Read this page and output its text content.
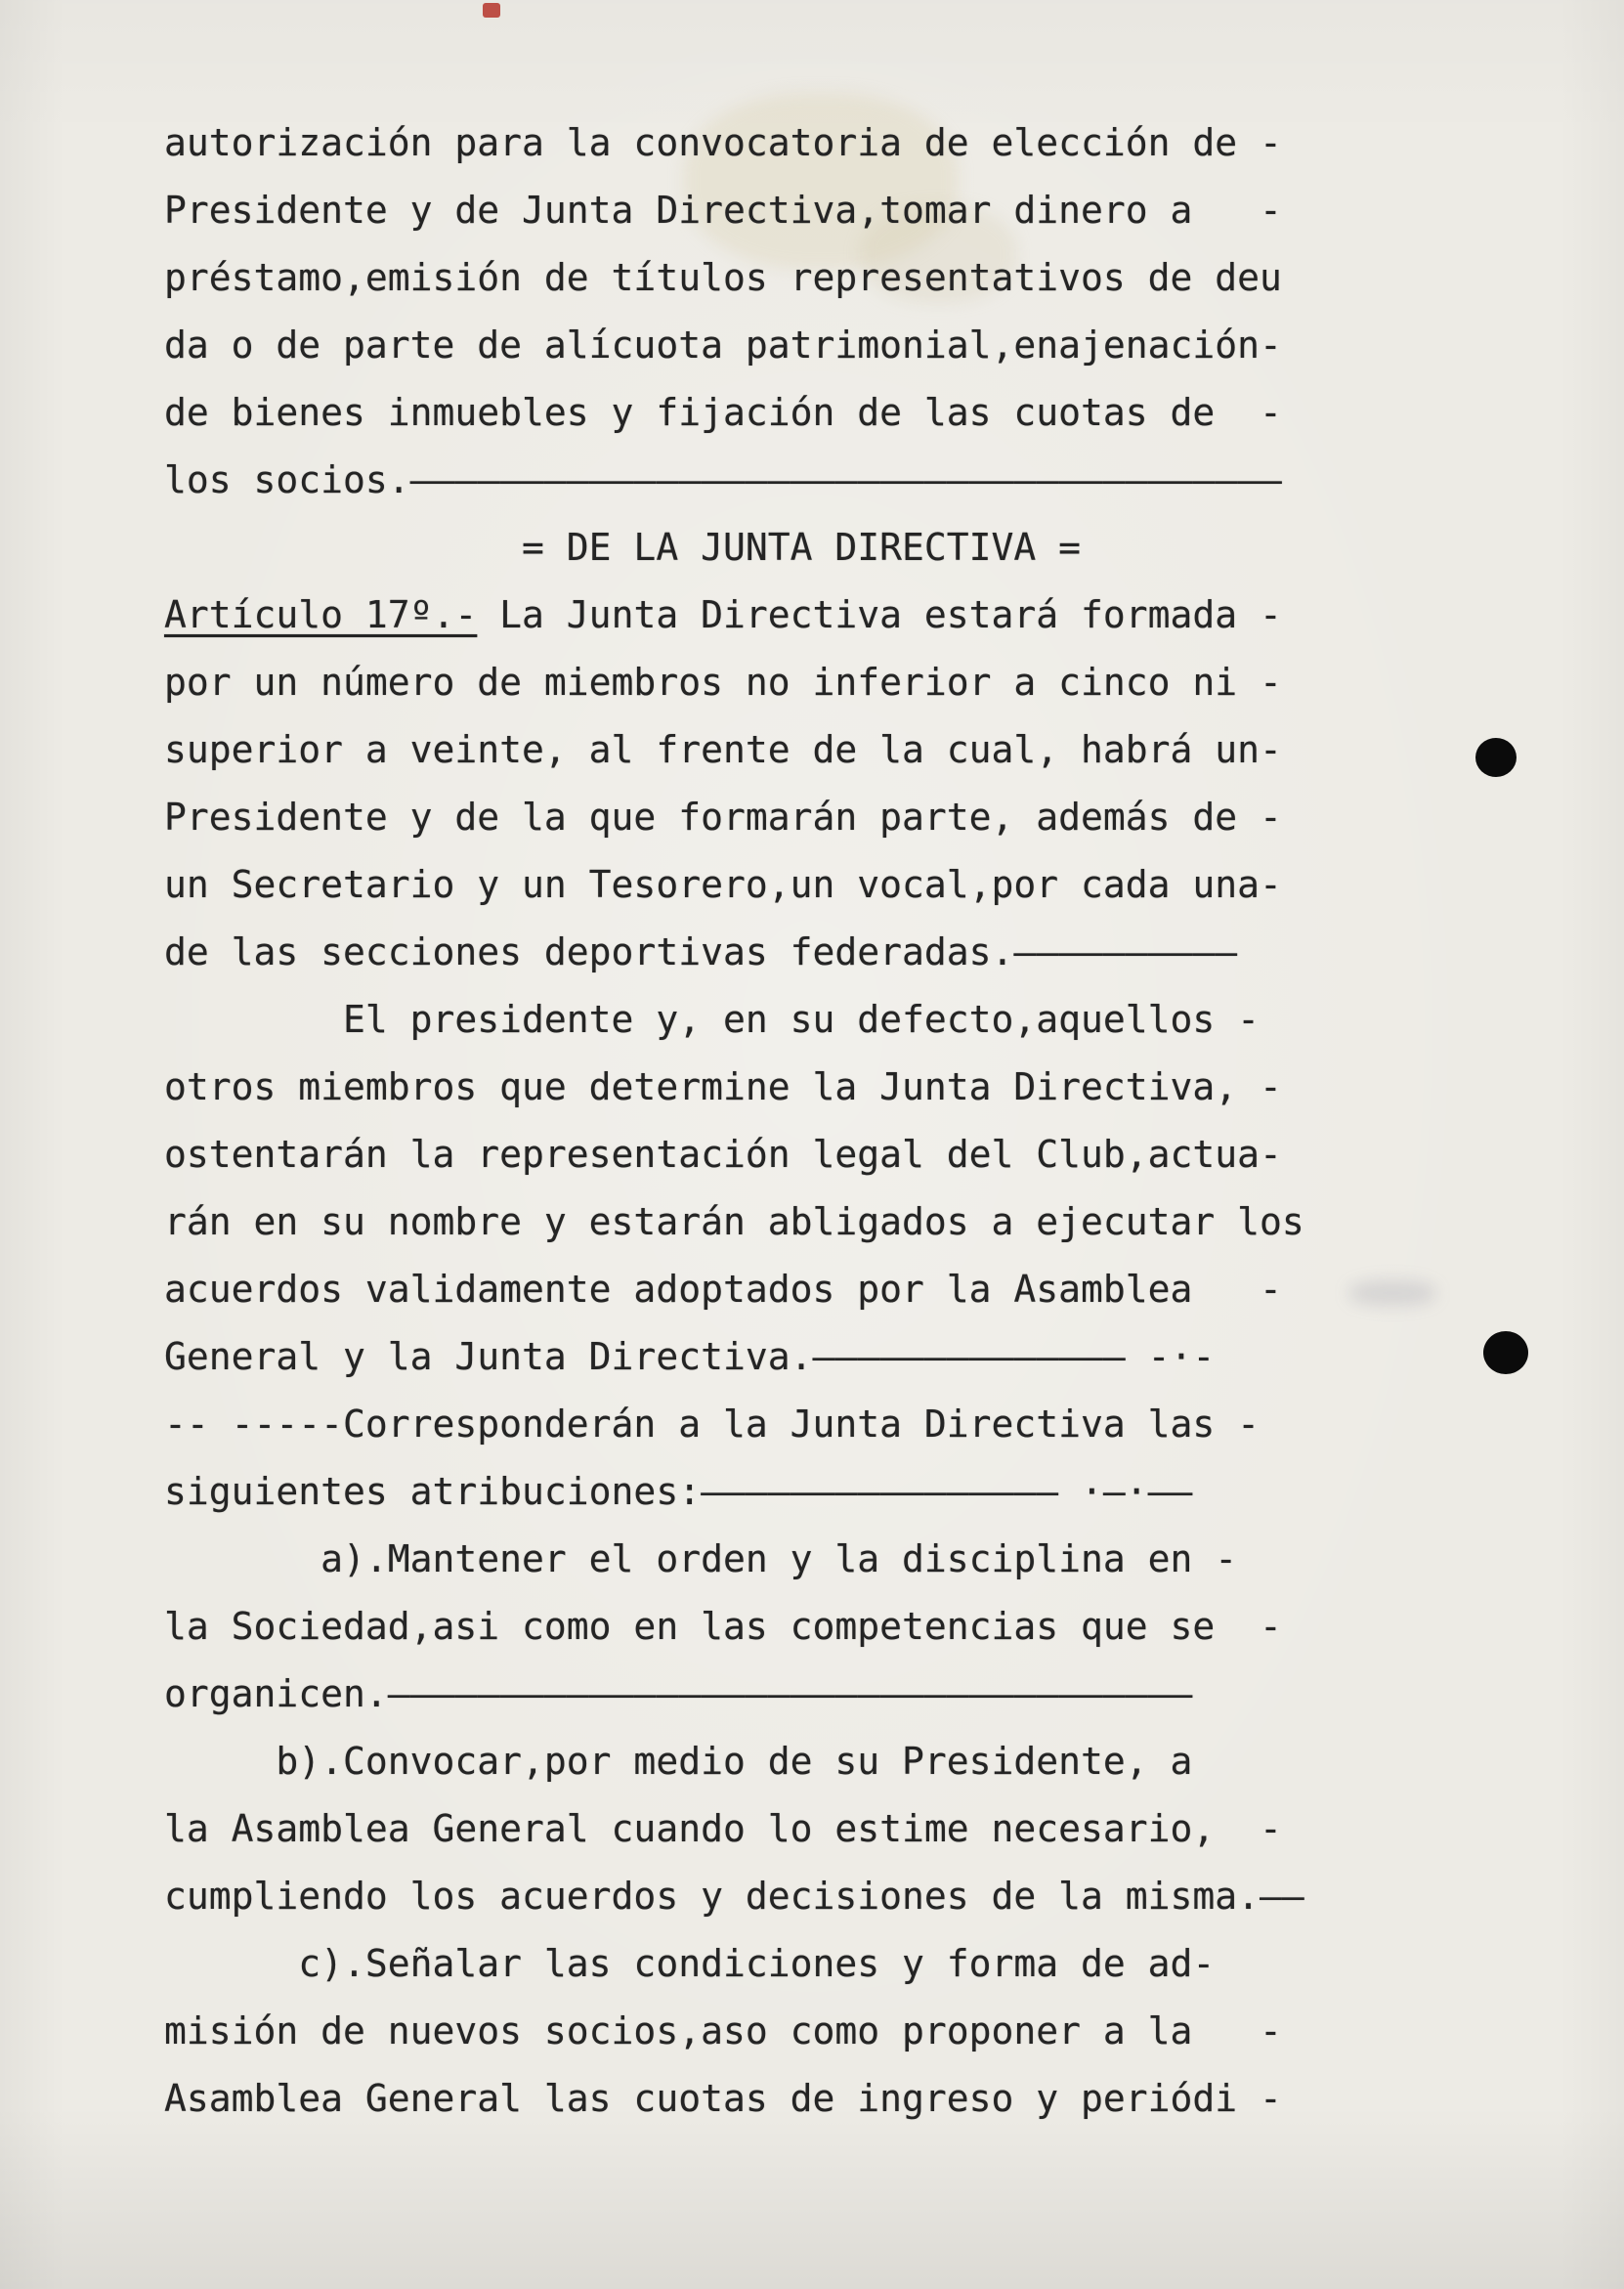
autorización para la convocatoria de elección de -
Presidente y de Junta Directiva,tomar dinero a   -
préstamo,emisión de títulos representativos de deu
da o de parte de alícuota patrimonial,enajenación-
de bienes inmuebles y fijación de las cuotas de  -
los socios.———————————————————————————————————————
= DE LA JUNTA DIRECTIVA =
Artículo 17º.- La Junta Directiva estará formada -
por un número de miembros no inferior a cinco ni -
superior a veinte, al frente de la cual, habrá un-
Presidente y de la que formarán parte, además de -
un Secretario y un Tesorero,un vocal,por cada una-
de las secciones deportivas federadas.——————————
El presidente y, en su defecto,aquellos -
otros miembros que determine la Junta Directiva, -
ostentarán la representación legal del Club,actua-
rán en su nombre y estarán abligados a ejecutar los
acuerdos validamente adoptados por la Asamblea   -
General y la Junta Directiva.—————————————— -·-
-- -----Corresponderán a la Junta Directiva las -
siguientes atribuciones:———————————————— ·—·——
a).Mantener el orden y la disciplina en -
la Sociedad,asi como en las competencias que se  -
organicen.————————————————————————————————————
b).Convocar,por medio de su Presidente, a
la Asamblea General cuando lo estime necesario,  -
cumpliendo los acuerdos y decisiones de la misma.——
c).Señalar las condiciones y forma de ad-
misión de nuevos socios,aso como proponer a la   -
Asamblea General las cuotas de ingreso y periódi -
